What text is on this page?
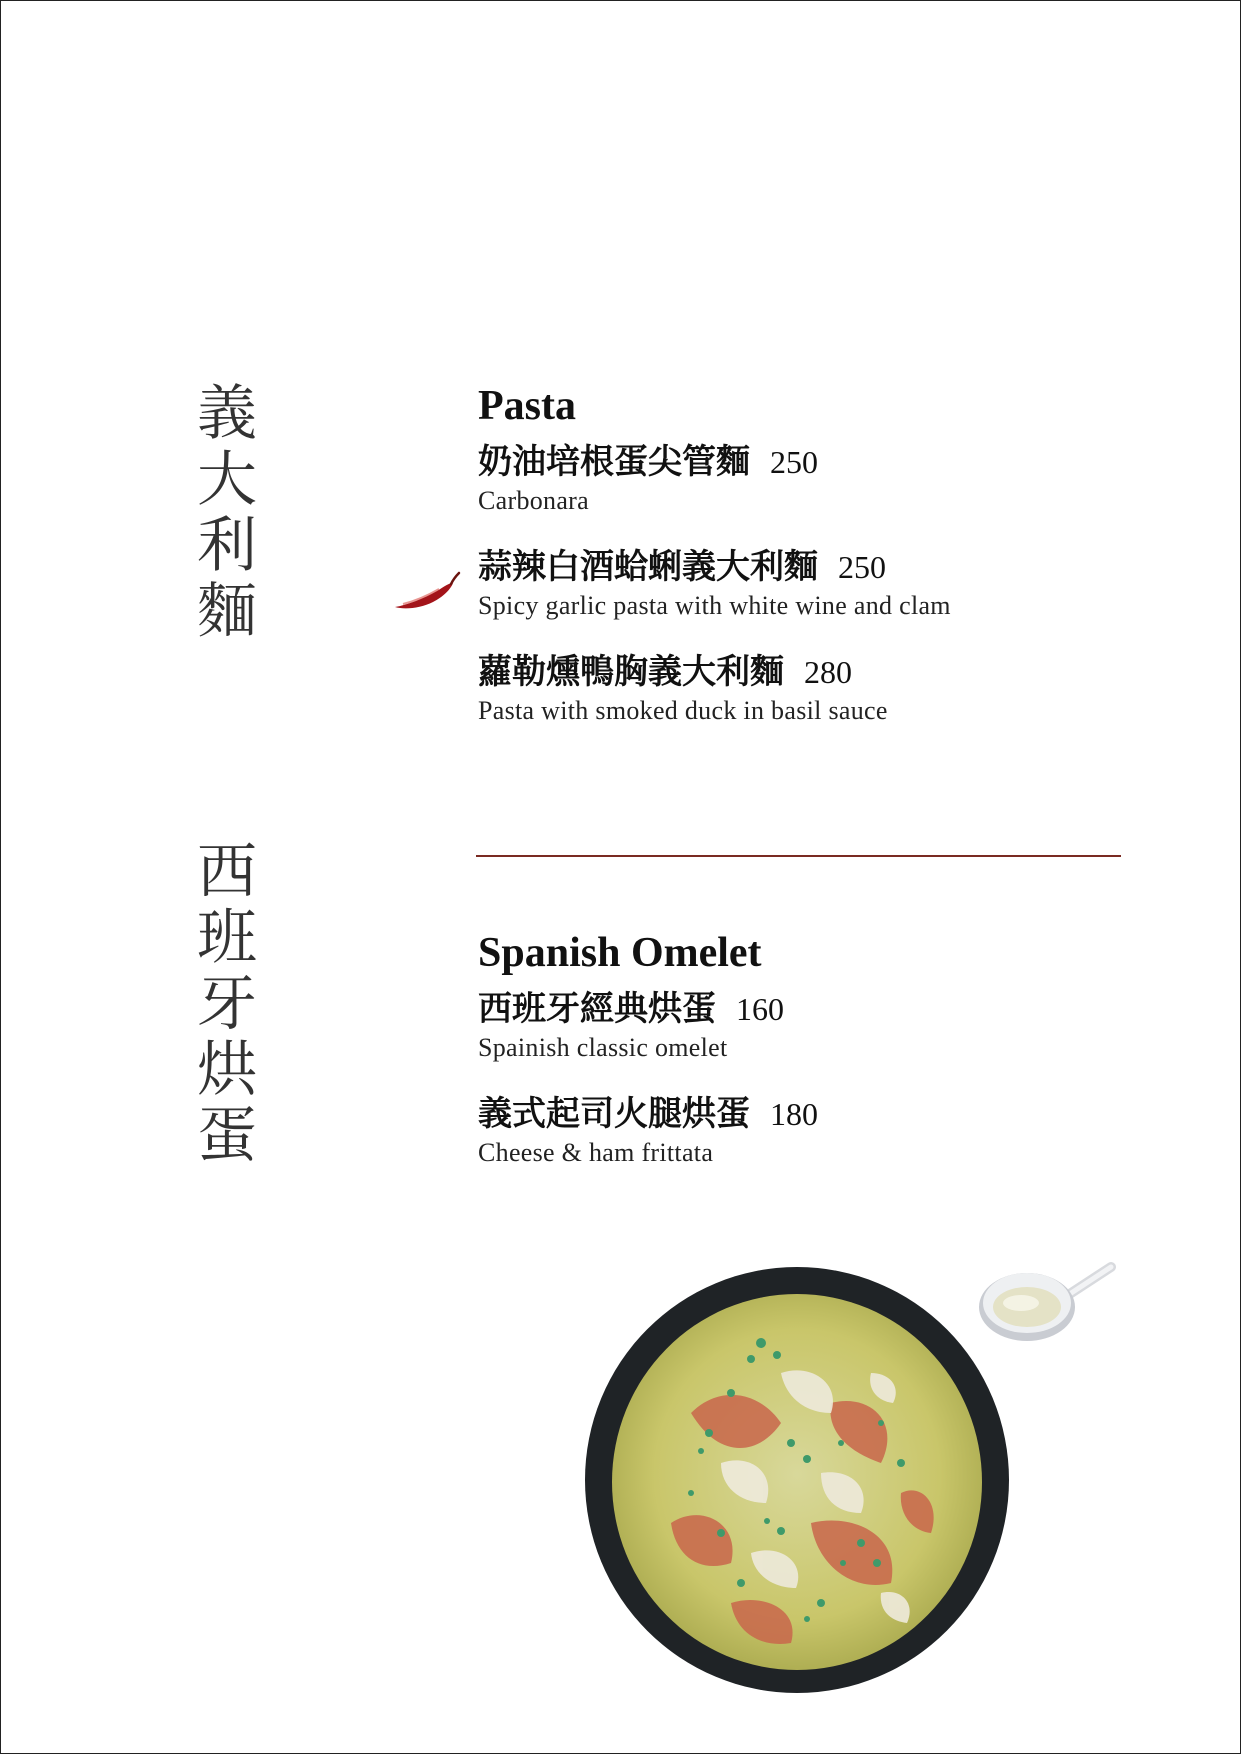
義大利麵
西班牙烘蛋
Pasta
奶油培根蛋尖管麵 250
Carbonara
蒜辣白酒蛤蜊義大利麵 250
Spicy garlic pasta with white wine and clam
蘿勒燻鴨胸義大利麵 280
Pasta with smoked duck in basil sauce
Spanish Omelet
西班牙經典烘蛋 160
Spainish classic omelet
義式起司火腿烘蛋 180
Cheese & ham frittata
